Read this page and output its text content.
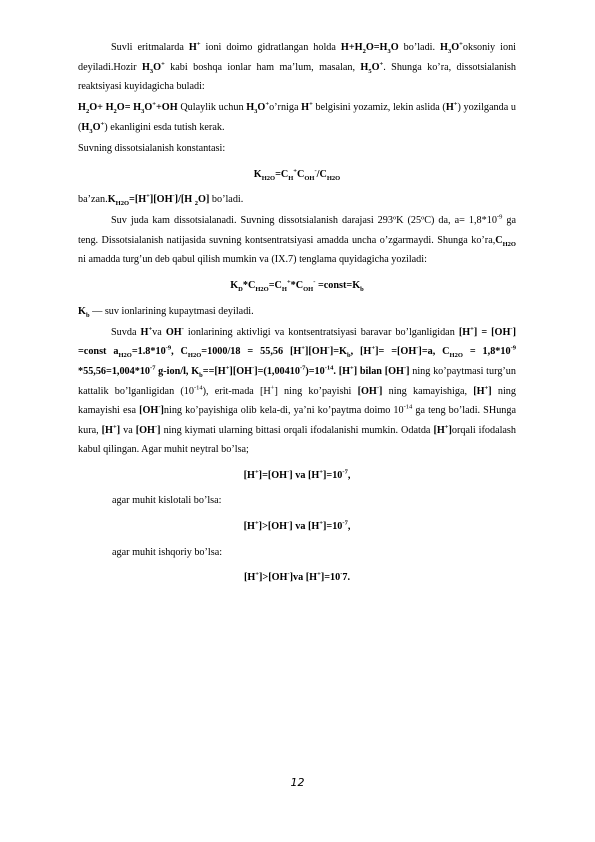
Suvli eritmalarda H+ ioni doimo gidratlangan holda $H+H_2O=H_3O$ bo’ladi. $H_3O^+oksoniy$ ioni deyiladi.Hozir $H_3O^+$ kabi boshqa ionlar ham ma’lum, masalan, $H_5O^+$. Shunga ko’ra, dissotsialanish reaktsiyasi kuyidagicha buladi:

$H_2O+ H_2O= H_3O^++OH$ Qulaylik uchun $H_3O^+o’rniga$ H+ belgisini yozamiz, lekin aslida (H+) yozilganda u $(H_3O^+)$ ekanligini esda tutish kerak.

Suvning dissotsialanish konstantasi:

$K_{H2O}=C_H^+C_{OH}^-/C_{H2O}$

$ba’zan.K_{H2O}=[H^+][OH^-]/[H$ $_2$O] bo’ladi.

Suv juda kam dissotsialanadi. Suvning dissotsialanish darajasi 293ºK (25ºC) da, $a= 1,8*10^{-9}$ ga teng. Dissotsialanish natijasida suvning kontsentratsiyasi amadda uncha o’zgarmaydi. Shunga $ko’ra,C_{H2O}$ ni amadda turg’un deb qabul qilish mumkin va (IX.7) tenglama quyidagicha yoziladi:

$K_D*C_{H2O}=C_H^+*C_{OH}^-$ $=const=K_b$

$K_b$ — suv ionlarining kupaytmasi deyiladi.

Suvda H+va OH- ionlarining aktivligi va kontsentratsiyasi baravar bo’lganligidan [H+] = [OH-] =const $a_{H2O}=1.8*10^{-9}$, $C_{H2O}=1000/18 = 55,56$ $[H^+][OH^-]=K_b$, [H+]= =[OH-]=a, $C_{H2O} = 1,8*10^{-9}$ $*55,56=1,004*10^{-7}$ g-ion/l, $K_b==[H^+][OH^-]=(1,00410^{-7})=10^{-14}$. [H+] bilan [OH-] ning ko’paytmasi turg’un kattalik bo’lganligidan $(10^{-14})$, erit-mada [H+] ning ko’payishi [OH-] ning kamayishiga, [H+] ning kamayishi esa [OH-]ning ko’payishiga olib kela-di, ya’ni ko’paytma doimo $10^{-14}$ ga teng bo’ladi. SHunga kura, [H+] va [OH-] ning kiymati ularning bittasi orqali ifodalanishi mumkin. Odatda [H+]orqali ifodalash kabul qilingan. Agar muhit neytral bo’lsa;

[H+]=[OH-] va $[H^+]=10^{-7}$,

agar muhit kislotali bo’lsa:

[H+]>[OH-] va $[H^+]=10^{-7}$,

agar muhit ishqoriy bo’lsa:

[H+]>[OH-]va [H+]=10-7.

12
